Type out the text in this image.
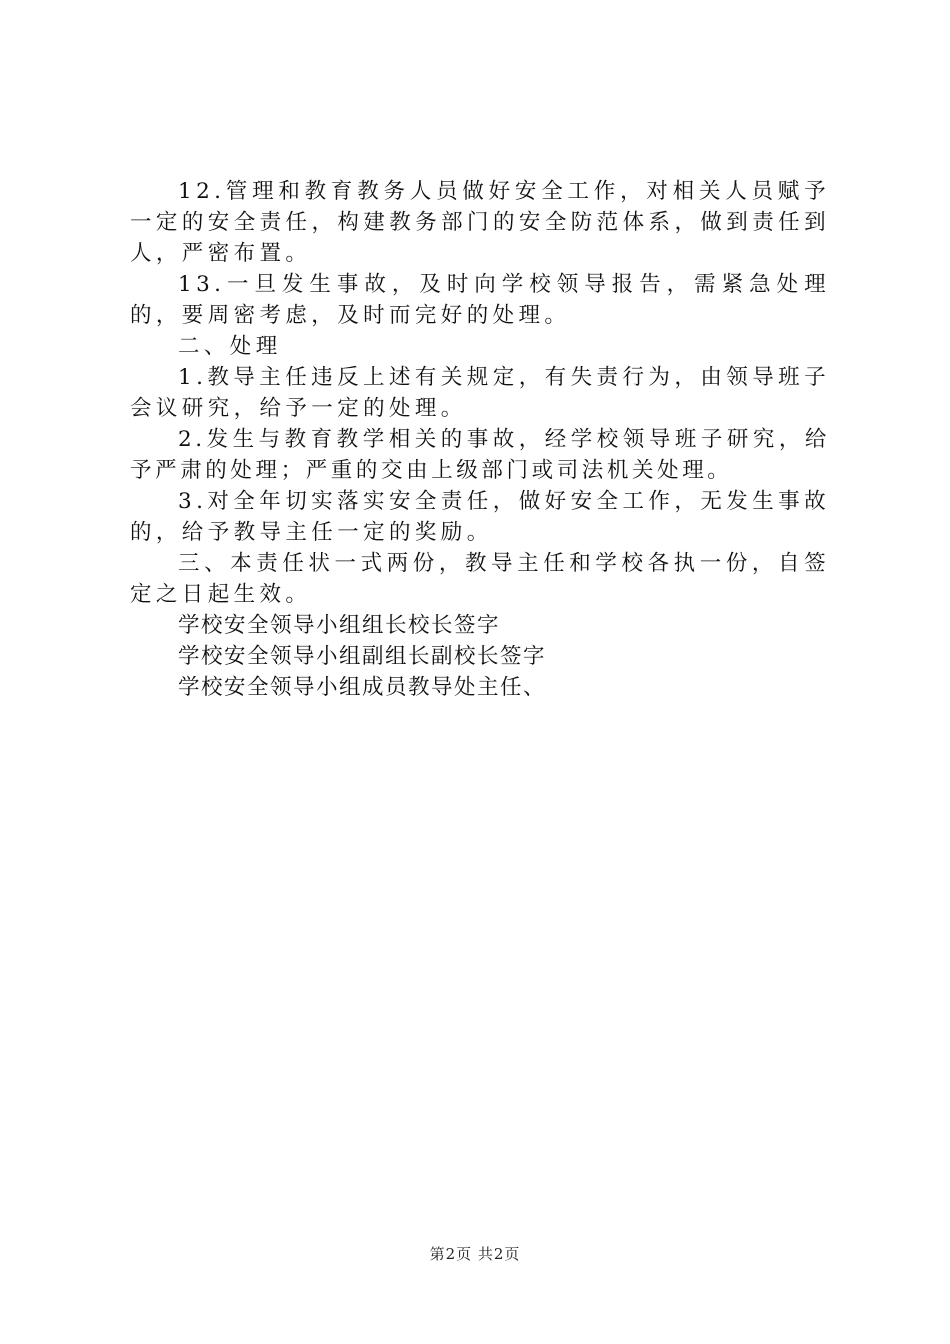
12.管理和教育教务人员做好安全工作，对相关人员赋予一定的安全责任，构建教务部门的安全防范体系，做到责任到人，严密布置。

13.一旦发生事故，及时向学校领导报告，需紧急处理的，要周密考虑，及时而完好的处理。

二、处理

1.教导主任违反上述有关规定，有失责行为，由领导班子会议研究，给予一定的处理。

2.发生与教育教学相关的事故，经学校领导班子研究，给予严肃的处理；严重的交由上级部门或司法机关处理。

3.对全年切实落实安全责任，做好安全工作，无发生事故的，给予教导主任一定的奖励。

三、本责任状一式两份，教导主任和学校各执一份，自签定之日起生效。

学校安全领导小组组长校长签字

学校安全领导小组副组长副校长签字

学校安全领导小组成员教导处主任、

第2页 共2页
